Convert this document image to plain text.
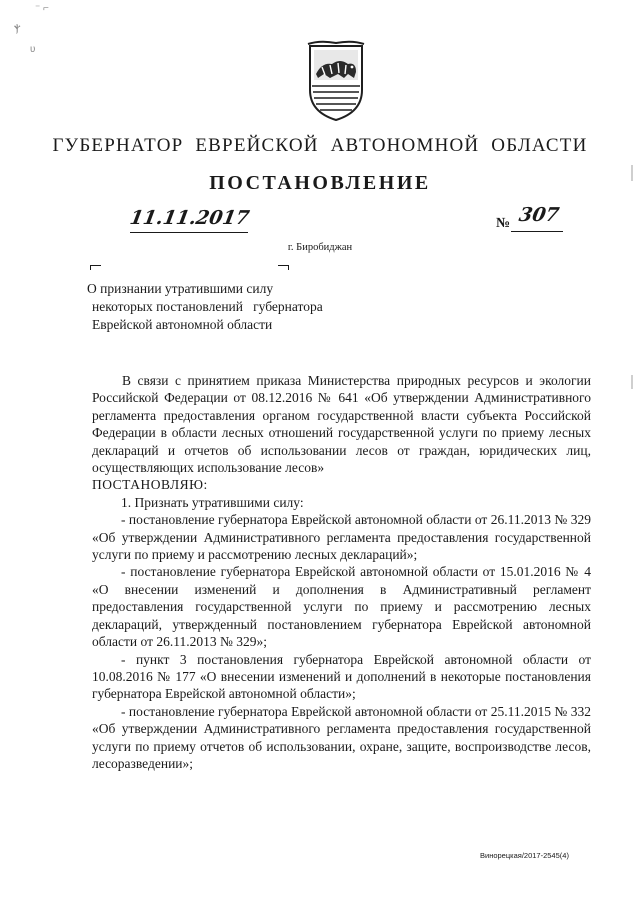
⁻ ⌐
ⲯ
ʋ
ГУБЕРНАТОР ЕВРЕЙСКОЙ АВТОНОМНОЙ ОБЛАСТИ
ПОСТАНОВЛЕНИЕ
11.11.2017	№ 307
г. Биробиджан
О признании утратившими силу
некоторых постановлений   губернатора
Еврейской автономной области

В связи с принятием приказа Министерства природных ресурсов и экологии Российской Федерации от 08.12.2016 № 641 «Об утверждении Административного регламента предоставления органом государственной власти субъекта Российской Федерации в области лесных отношений государственной услуги по приему лесных деклараций и отчетов об использовании лесов от граждан, юридических лиц, осуществляющих использование лесов»

ПОСТАНОВЛЯЮ:

1. Признать утратившими силу:

- постановление губернатора Еврейской автономной области от 26.11.2013 № 329 «Об утверждении Административного регламента предоставления государственной услуги по приему и рассмотрению лесных деклараций»;

- постановление губернатора Еврейской автономной области от 15.01.2016 № 4 «О внесении изменений и дополнения в Административный регламент предоставления государственной услуги по приему и рассмотрению лесных деклараций, утвержденный постановлением губернатора Еврейской автономной области от 26.11.2013 № 329»;

- пункт 3 постановления губернатора Еврейской автономной области от 10.08.2016 № 177 «О внесении изменений и дополнений в некоторые постановления губернатора Еврейской автономной области»;

- постановление губернатора Еврейской автономной области от 25.11.2015 № 332 «Об утверждении Административного регламента предоставления государственной услуги по приему отчетов об использовании, охране, защите, воспроизводстве лесов, лесоразведении»;

Винорецкая/2017-2545(4)
